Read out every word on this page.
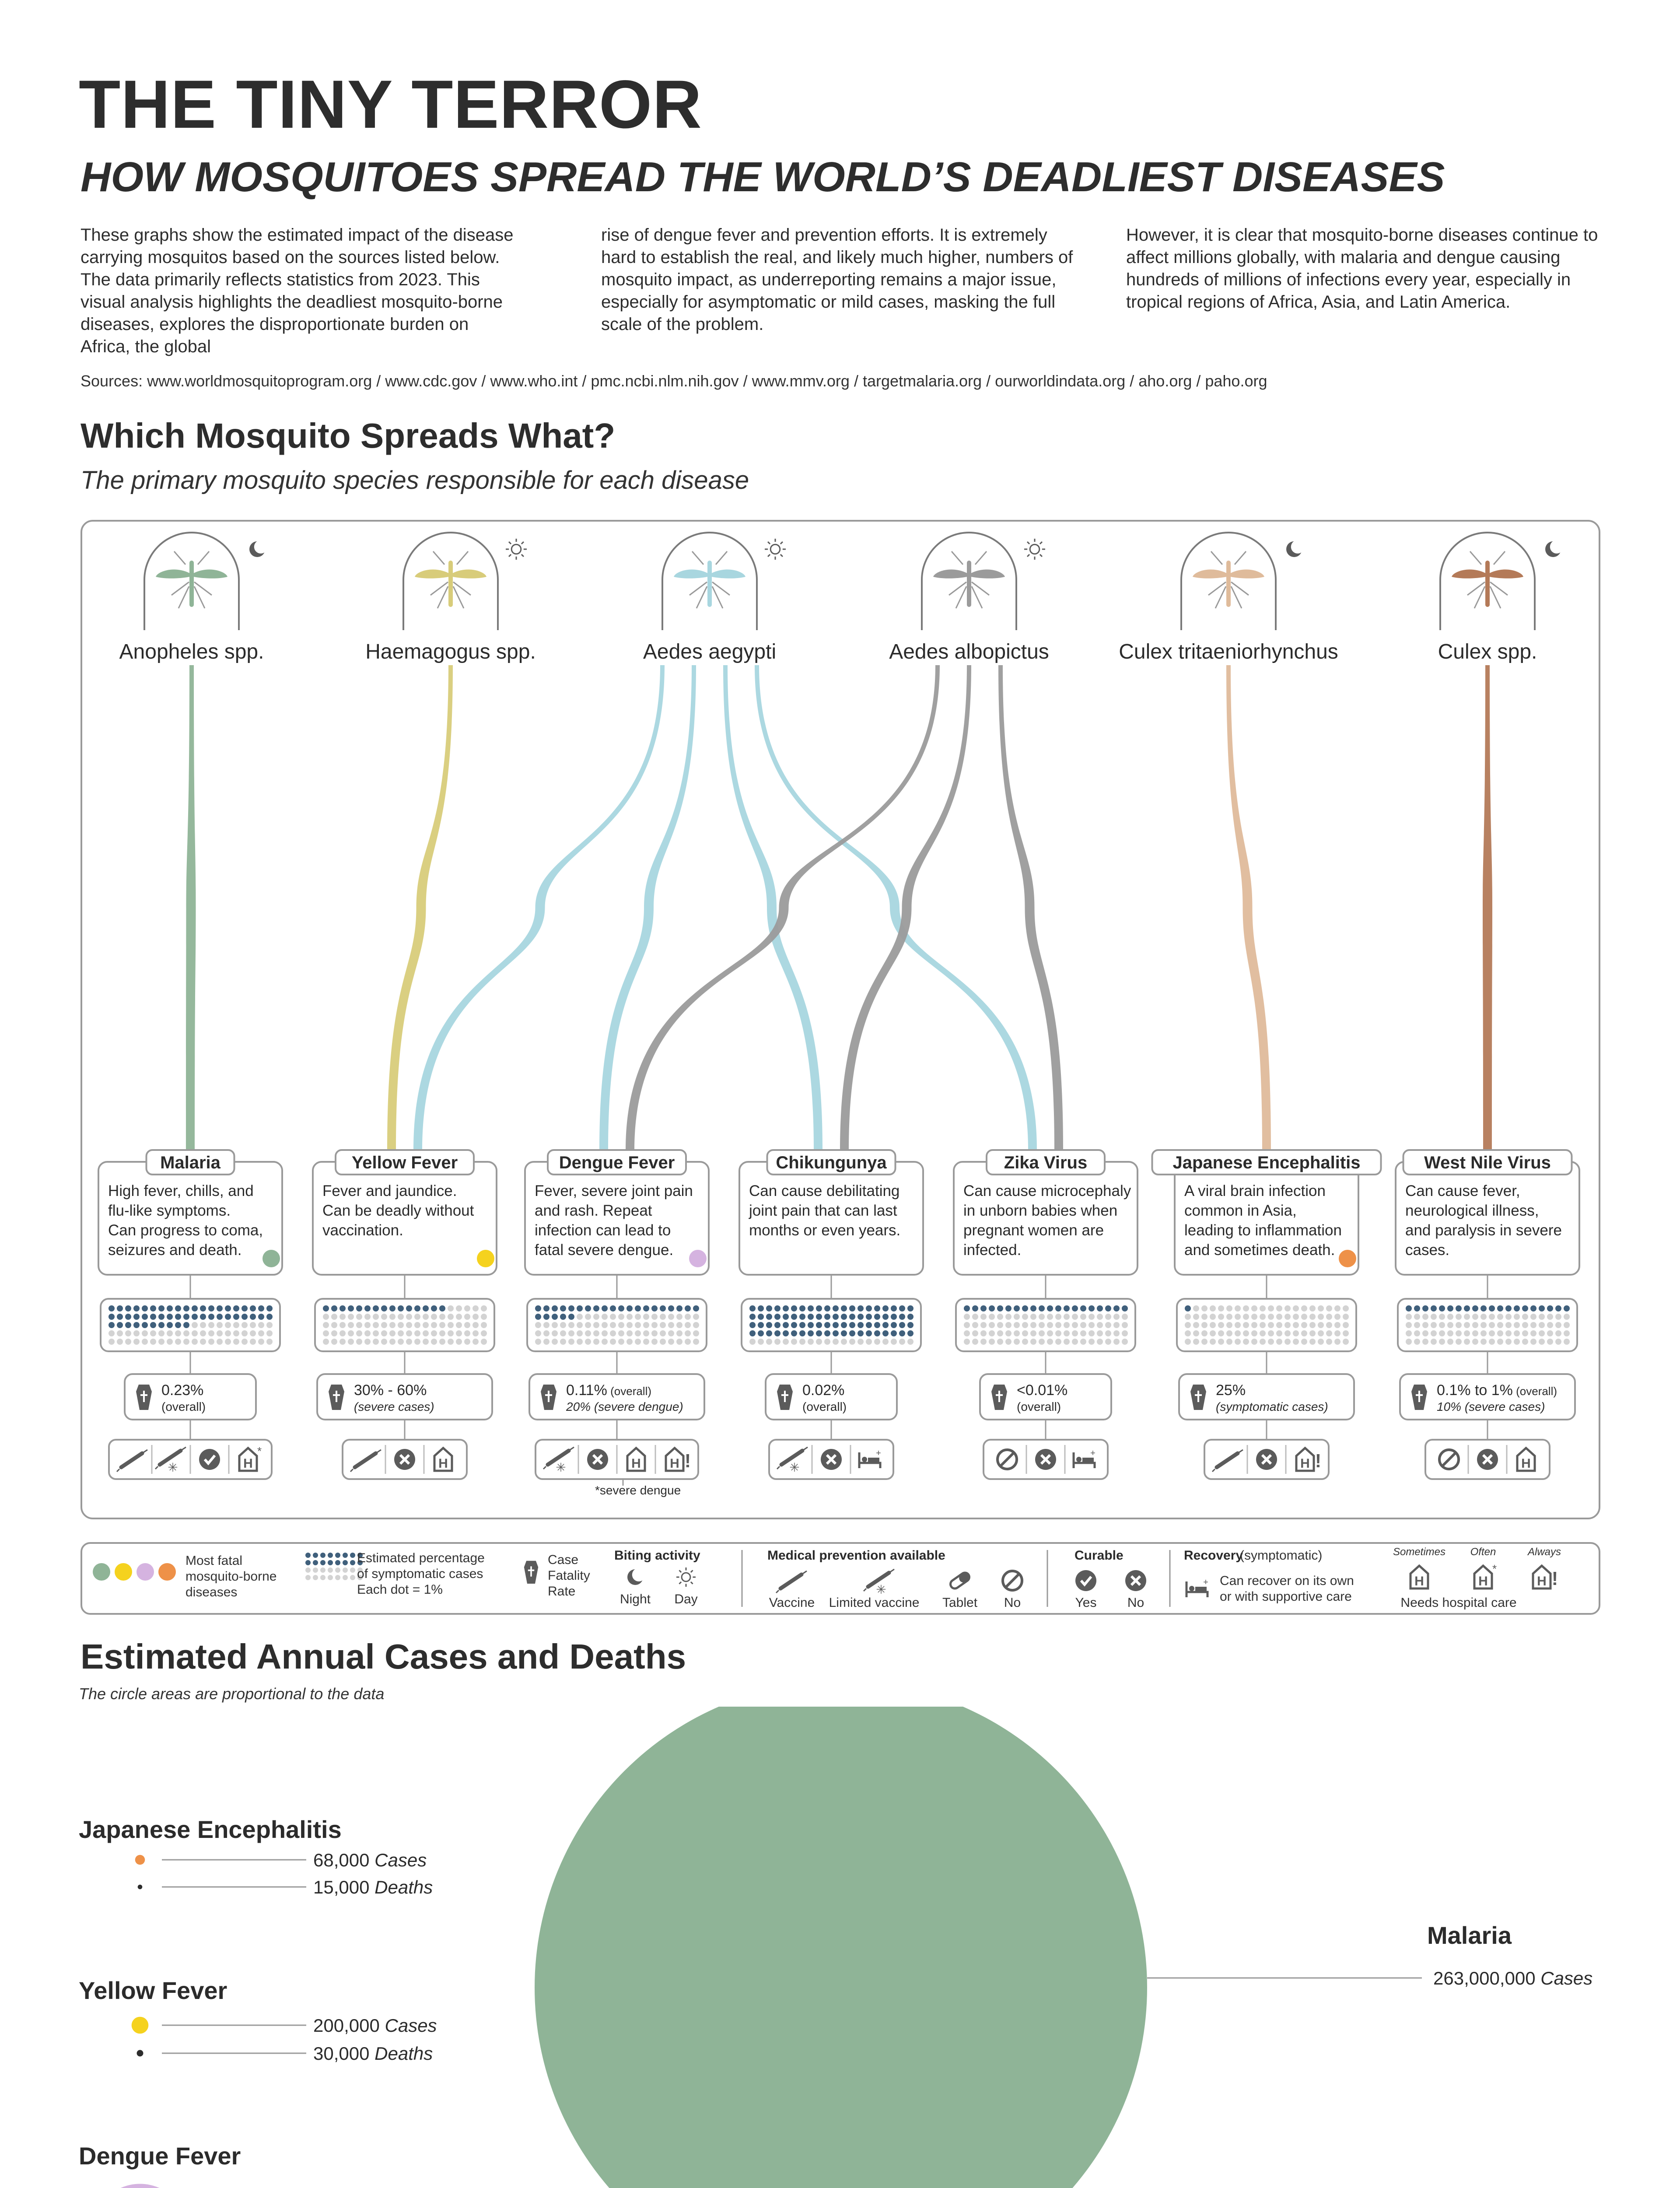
THE TINY TERROR
HOW MOSQUITOES SPREAD THE WORLD’S DEADLIEST DISEASES
These graphs show the estimated impact of the disease carrying mosquitos based on the sources listed below. The data primarily reflects statistics from 2023. This visual analysis highlights the deadliest mosquito-borne diseases, explores the disproportionate burden on Africa, the global
rise of dengue fever and prevention efforts. It is extremely hard to establish the real, and likely much higher, numbers of mosquito impact, as underreporting remains a major issue, especially for asymptomatic or mild cases, masking the full scale of the problem.
However, it is clear that mosquito-borne diseases continue to affect millions globally, with malaria and dengue causing hundreds of millions of infections every year, especially in tropical regions of Africa, Asia, and Latin America.
Sources: www.worldmosquitoprogram.org / www.cdc.gov / www.who.int / pmc.ncbi.nlm.nih.gov / www.mmv.org / targetmalaria.org / ourworldindata.org / aho.org / paho.org
Which Mosquito Spreads What?
The primary mosquito species responsible for each disease
Anopheles spp.	Haemagogus spp.	Aedes aegypti	Aedes albopictus	Culex tritaeniorhynchus	Culex spp.
Malaria
High fever, chills, and
flu-like symptoms.
Can progress to coma,
seizures and death.
0.23%
(overall)
✳	H
*
Yellow Fever
Fever and jaundice.
Can be deadly without
vaccination.
30% - 60%
(severe cases)
H
Dengue Fever
Fever, severe joint pain
and rash. Repeat
infection can lead to
fatal severe dengue.
0.11% (overall)
20% (severe dengue)
✳	H H !
*severe dengue
Chikungunya
Can cause debilitating
joint pain that can last
months or even years.
0.02%
(overall)
✳
+
Zika Virus
Can cause microcephaly
in unborn babies when
pregnant women are
infected.
<0.01%
(overall)
+
Japanese Encephalitis
A viral brain infection
common in Asia,
leading to inflammation
and sometimes death.
25%
(symptomatic cases)
H !
West Nile Virus
Can cause fever,
neurological illness,
and paralysis in severe
cases.
0.1% to 1% (overall)
10% (severe cases)
H
Most fatal
mosquito-borne
diseases
Estimated percentage
of symptomatic cases
Each dot = 1%
Case
Fatality
Rate
Biting activity
Night Day
Medical prevention available
✳
Vaccine Limited vaccine Tablet No
Curable
Yes No
Recovery
(symptomatic)
+ Can recover on its own
or with supportive care
Sometimes Often	Always
H	H
*
H !
Needs hospital care
Estimated Annual Cases and Deaths
The circle areas are proportional to the data
Malaria
263,000,000 Cases
Japanese Encephalitis
68,000 Cases
15,000 Deaths
Yellow Fever
200,000 Cases
30,000 Deaths
Dengue Fever
